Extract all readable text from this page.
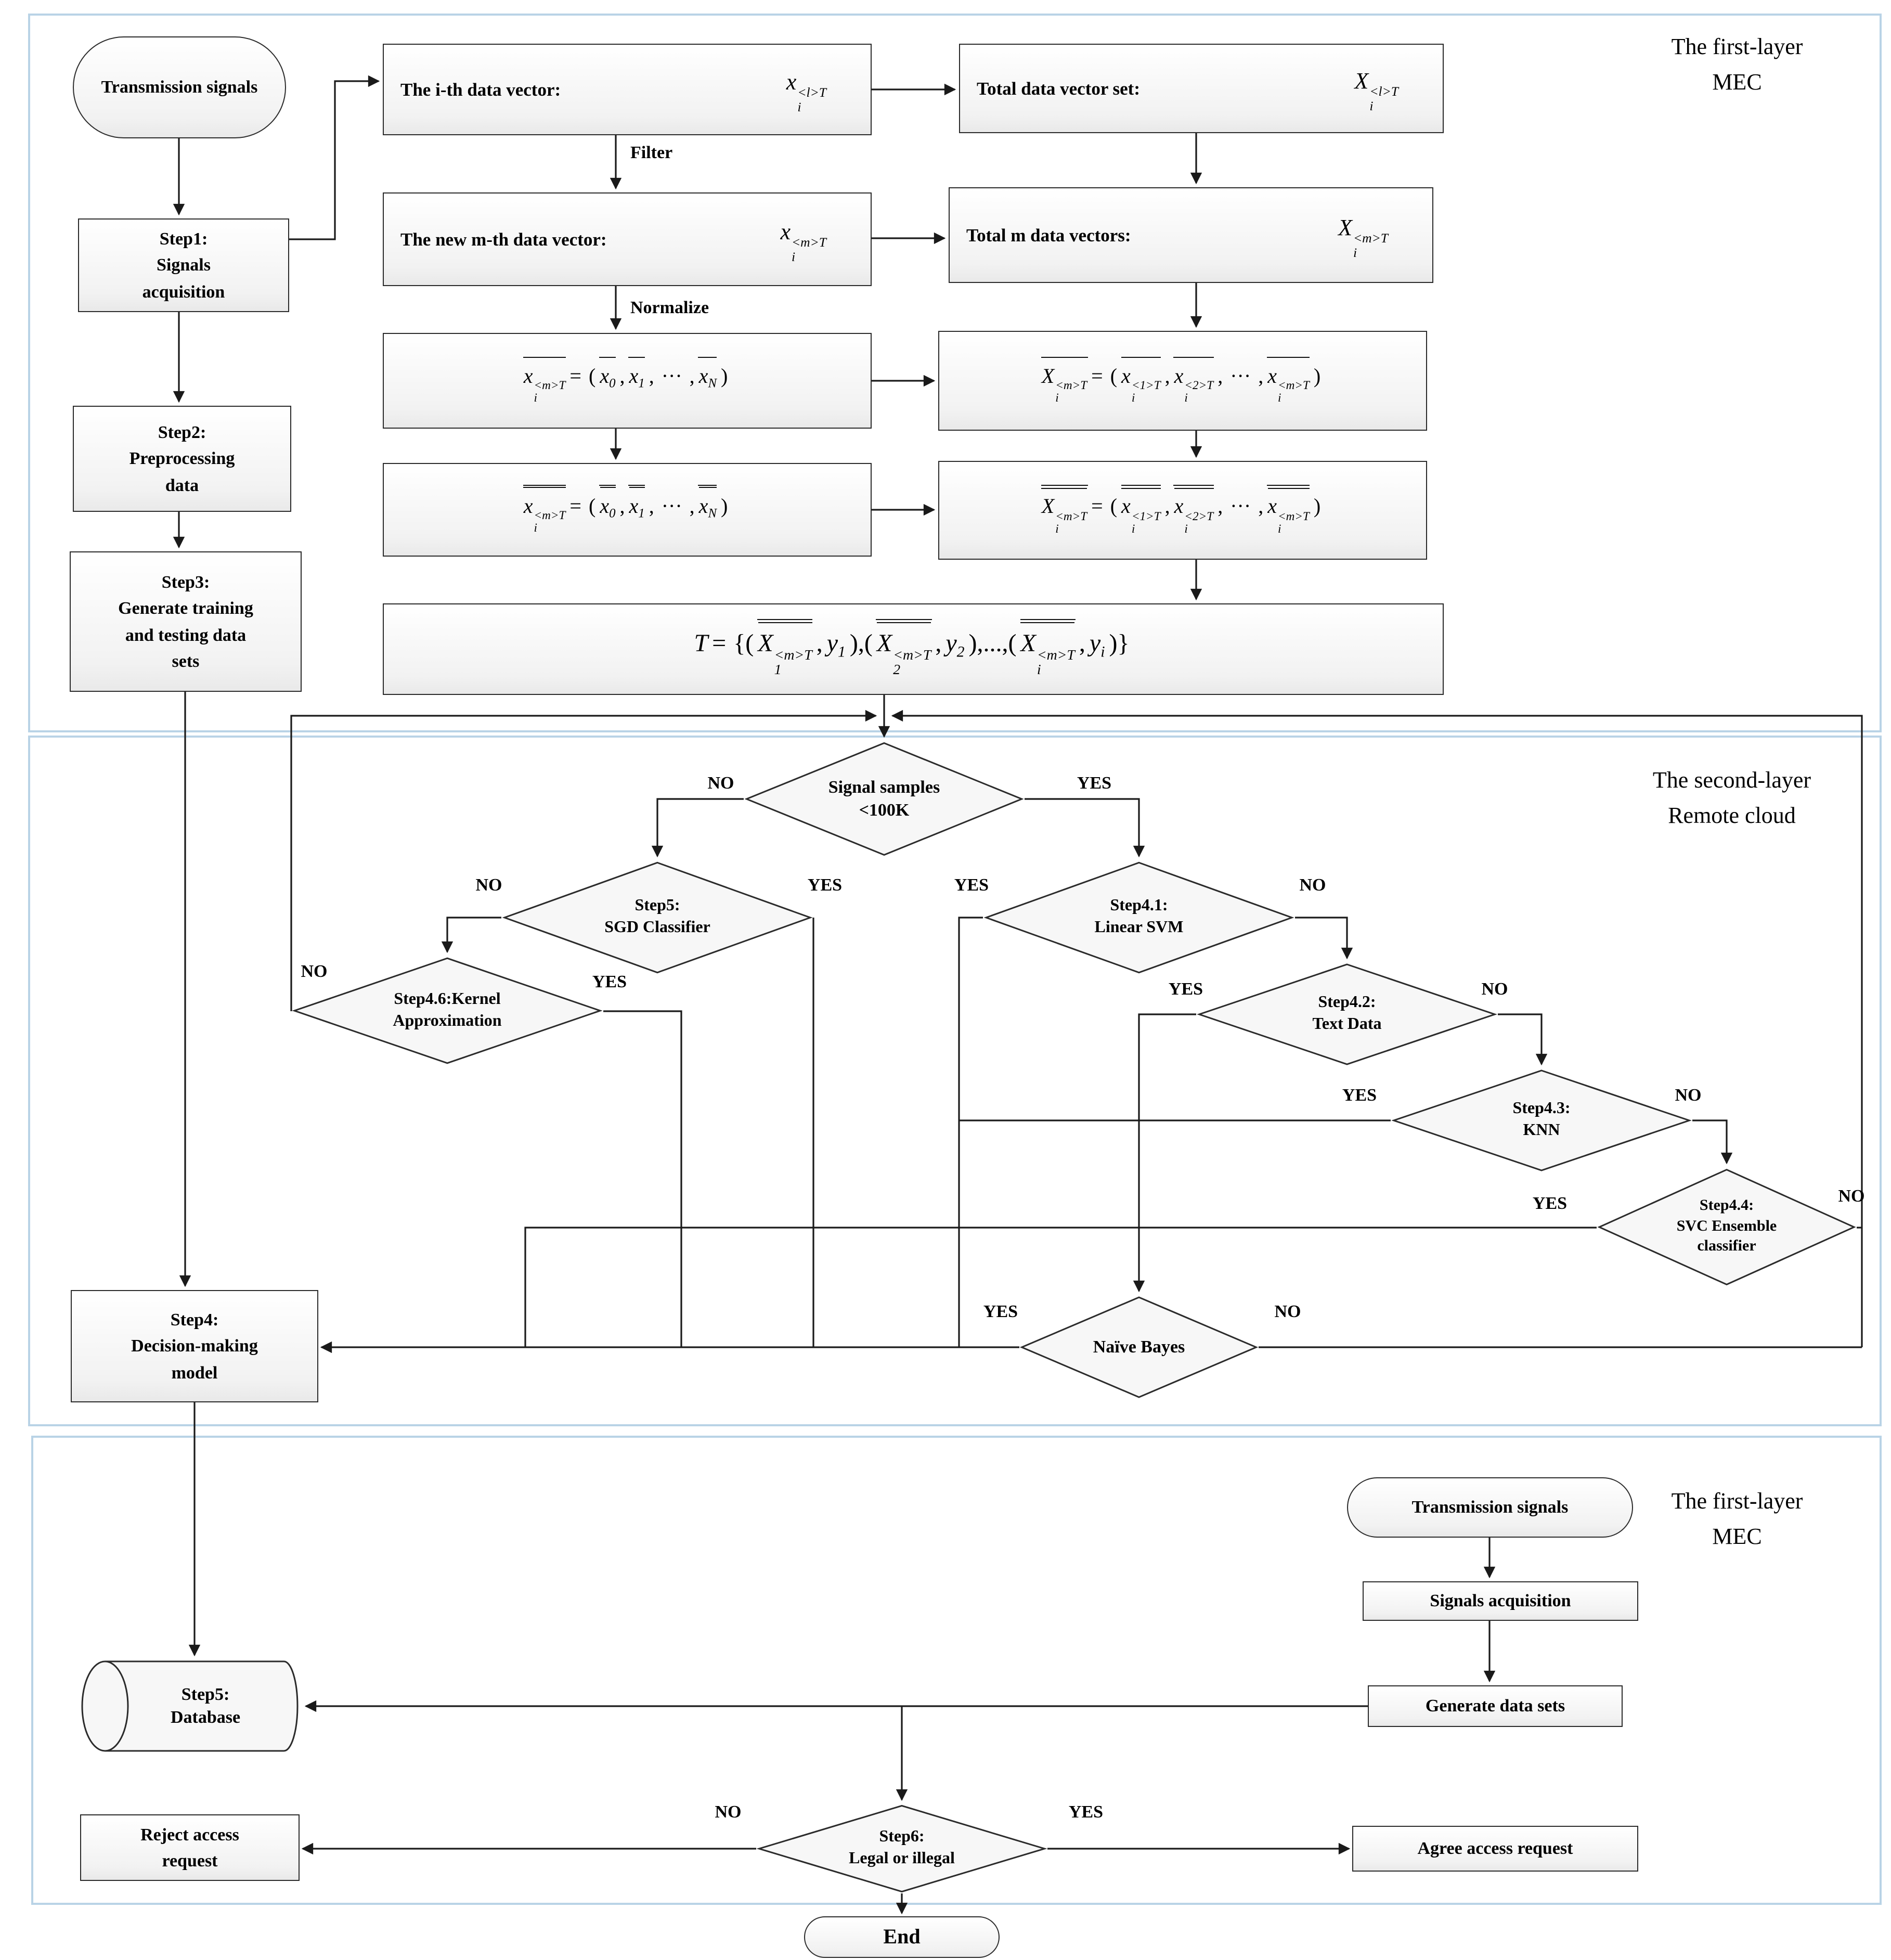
The first-layer
MEC
The second-layer
Remote cloud
The first-layer
MEC
Transmission signals
Step1:
Signals
acquisition
Step2:
Preprocessing
data
Step3:
Generate training
and testing data
sets
The i-th data vector:	x <l>T
i
Total data vector set:	X <l>T
i
The new m-th data vector:	x <m>T
i
Total m data vectors:	X <m>T
i
x <m>T
i
= ( $x_0$ , $x_1$ , ··· , $x_N$ )	X <m>T
i
= ( x <1>T
i
, x <2>T
i
, ··· , x <m>T
i
)
x <m>T
i
= ( $x_0$ , $x_1$ , ··· , $x_N$ )	X <m>T
i
= ( x <1>T
i
, x <2>T
i
, ··· , x <m>T
i
)
T = {( X <m>T
1
, $y_1$ ),( X <m>T
2
, $y_2$ ),...,( X <m>T
i
, $y_i$ )}
Filter
Normalize
Signal samples
<100K
Step5:
SGD Classifier
Step4.6:Kernel
Approximation
Step4.1:
Linear SVM
Step4.2:
Text Data
Step4.3:
KNN
Step4.4:
SVC Ensemble
classifier
Naïve Bayes
Step4:
Decision-making
model
NO	YES
NO	YES
NO
YES
YES	NO
YES	NO
YES	NO
YES	NO
YES	NO
Transmission signals
Signals acquisition
Generate data sets
Step5:
Database
Step6:
Legal or illegal
Reject access
request
Agree access request
End
NO	YES
